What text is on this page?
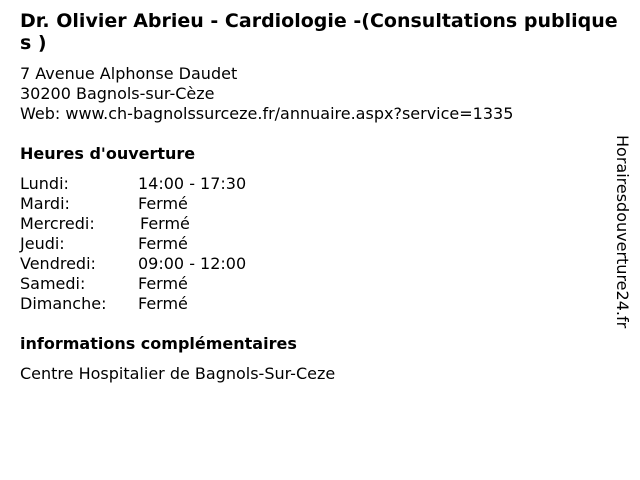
Dr. Olivier Abrieu - Cardiologie -(Consultations publiques )
7 Avenue Alphonse Daudet
30200 Bagnols-sur-Cèze
Web: www.ch-bagnolssurceze.fr/annuaire.aspx?service=1335
Heures d'ouverture
Lundi:	14:00 - 17:30
Mardi:	Fermé
Mercredi:	Fermé
Jeudi:	Fermé
Vendredi:	09:00 - 12:00
Samedi:	Fermé
Dimanche: Fermé
informations complémentaires
Centre Hospitalier de Bagnols-Sur-Ceze
Horairesdouverture24.fr
